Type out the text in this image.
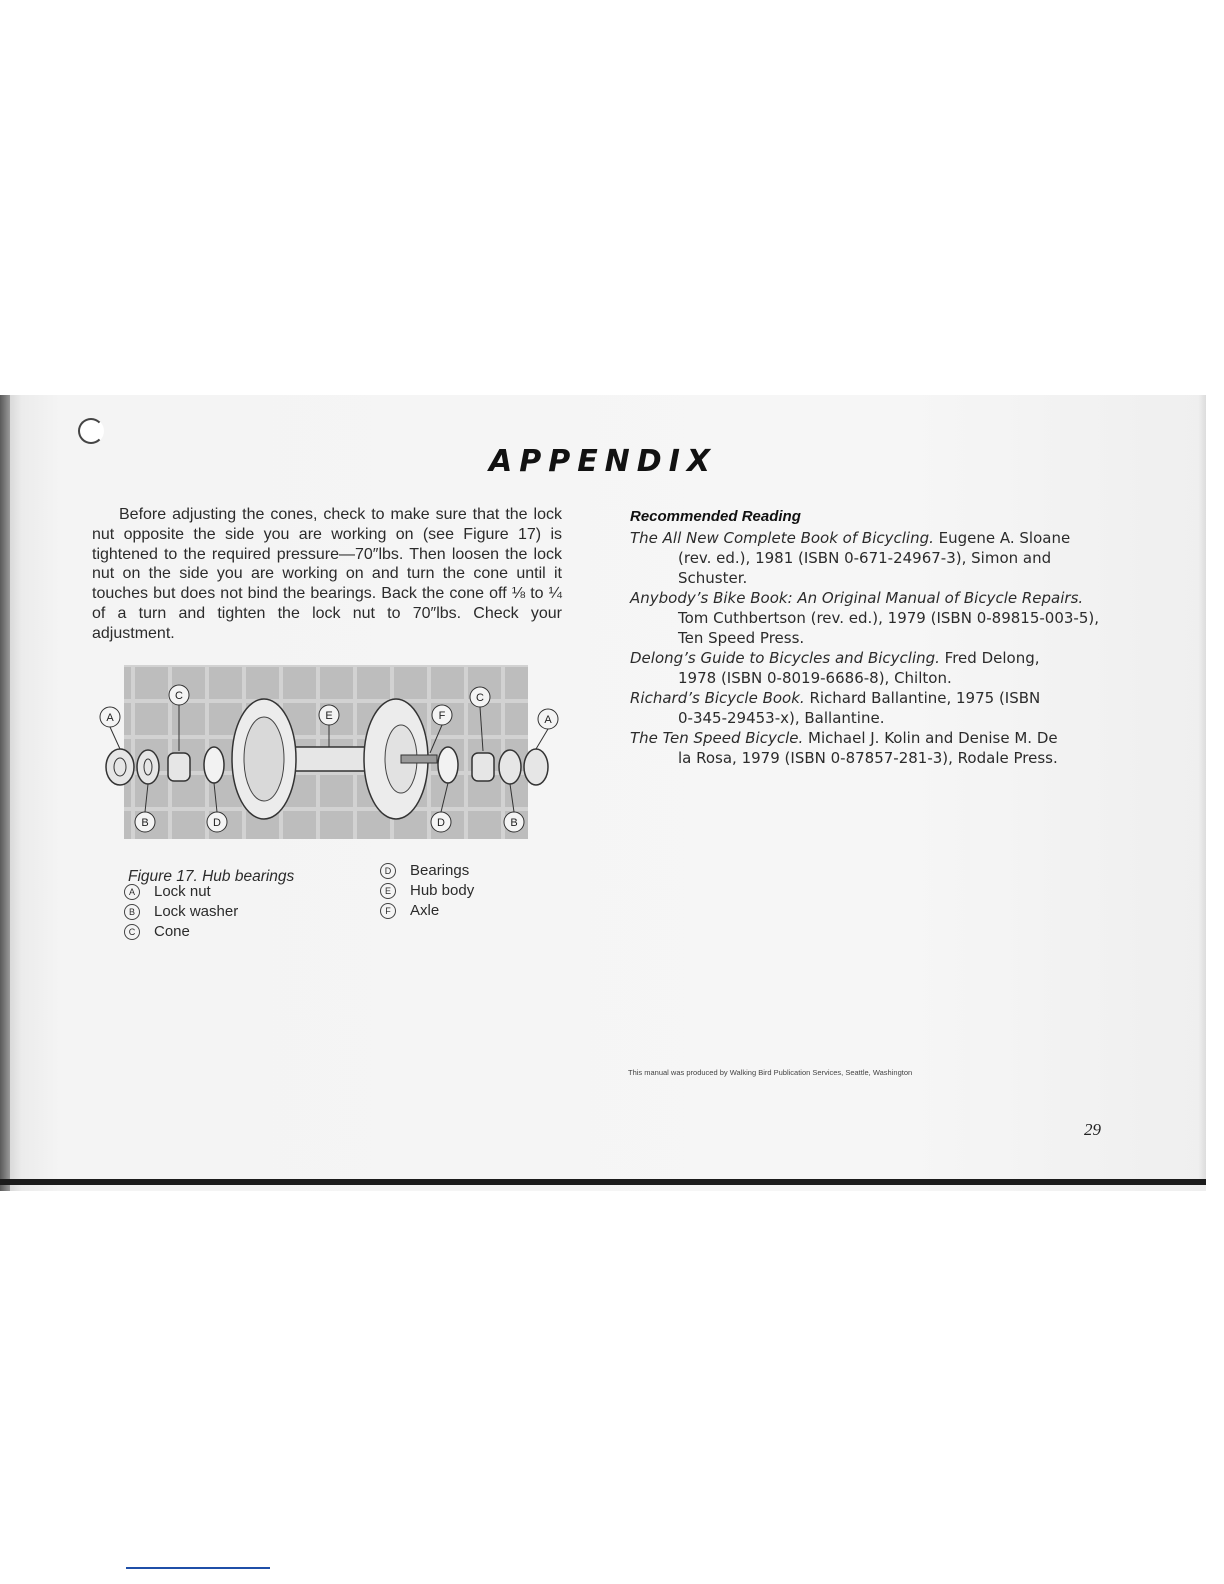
APPENDIX

Before adjusting the cones, check to make sure that the lock nut opposite the side you are working on (see Figure 17) is tightened to the required pressure—70″lbs. Then loosen the lock nut on the side you are working on and turn the cone until it touches but does not bind the bearings. Back the cone off ⅛ to ¼ of a turn and tighten the lock nut to 70″lbs. Check your adjustment.

A
C
E	F
C
A
B	D	D	B
Figure 17. Hub bearings
A Lock nut
B Lock washer
C Cone
D Bearings
E Hub body
F Axle
Recommended Reading
The All New Complete Book of Bicycling. Eugene A. Sloane
(rev. ed.), 1981 (ISBN 0-671-24967-3), Simon and
Schuster.
Anybody’s Bike Book: An Original Manual of Bicycle Repairs.
Tom Cuthbertson (rev. ed.), 1979 (ISBN 0-89815-003-5),
Ten Speed Press.
Delong’s Guide to Bicycles and Bicycling. Fred Delong,
1978 (ISBN 0-8019-6686-8), Chilton.
Richard’s Bicycle Book. Richard Ballantine, 1975 (ISBN
0-345-29453-x), Ballantine.
The Ten Speed Bicycle. Michael J. Kolin and Denise M. De
la Rosa, 1979 (ISBN 0-87857-281-3), Rodale Press.
This manual was produced by Walking Bird Publication Services, Seattle, Washington
29
